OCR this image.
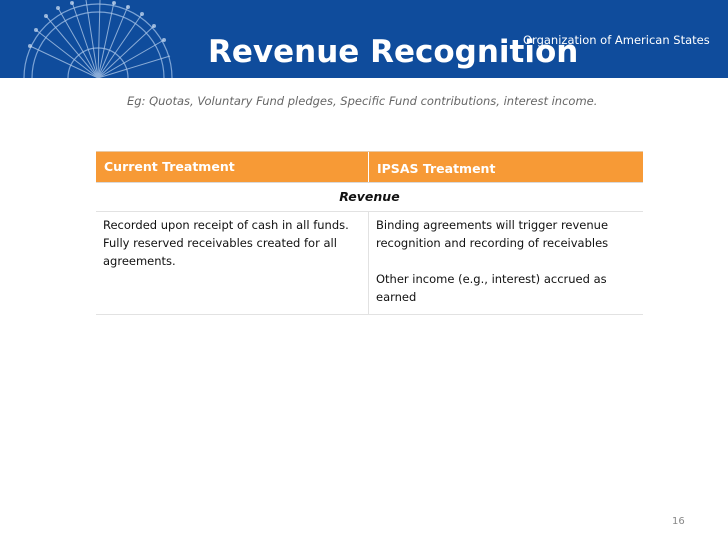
Revenue Recognition
Organization of American States
Eg: Quotas, Voluntary Fund pledges, Specific Fund contributions, interest income.
Current Treatment	IPSAS Treatment
Revenue
Recorded upon receipt of cash in all funds. Fully reserved receivables created for all agreements.
Binding agreements will trigger revenue recognition and recording of receivables
Other income (e.g., interest) accrued as earned
16
